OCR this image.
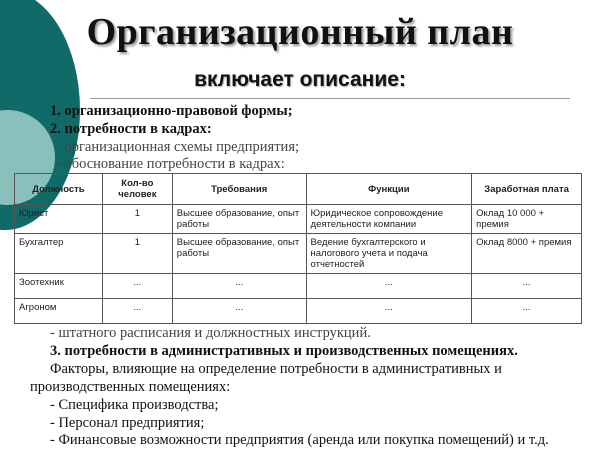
Организационный план
включает описание:
1. организационно-правовой формы;
2. потребности в кадрах:
- организационная схемы предприятия;
- обоснование потребности в кадрах:
Должность	Кол-во человек	Требования	Функции	Заработная плата
Юрист	1	Высшее образование, опыт работы	Юридическое сопровождение деятельности компании	Оклад 10 000 + премия
Бухгалтер	1	Высшее образование, опыт работы	Ведение бухгалтерского и налогового учета и подача отчетностей	Оклад 8000 + премия
Зоотехник	...	...	...	...
Агроном	...	...	...	...
- штатного расписания и должностных инструкций.
3. потребности в административных и производственных помещениях.
Факторы, влияющие на определение потребности в административных и
производственных помещениях:
- Специфика производства;
- Персонал предприятия;
- Финансовые возможности предприятия (аренда или покупка помещений) и т.д.
